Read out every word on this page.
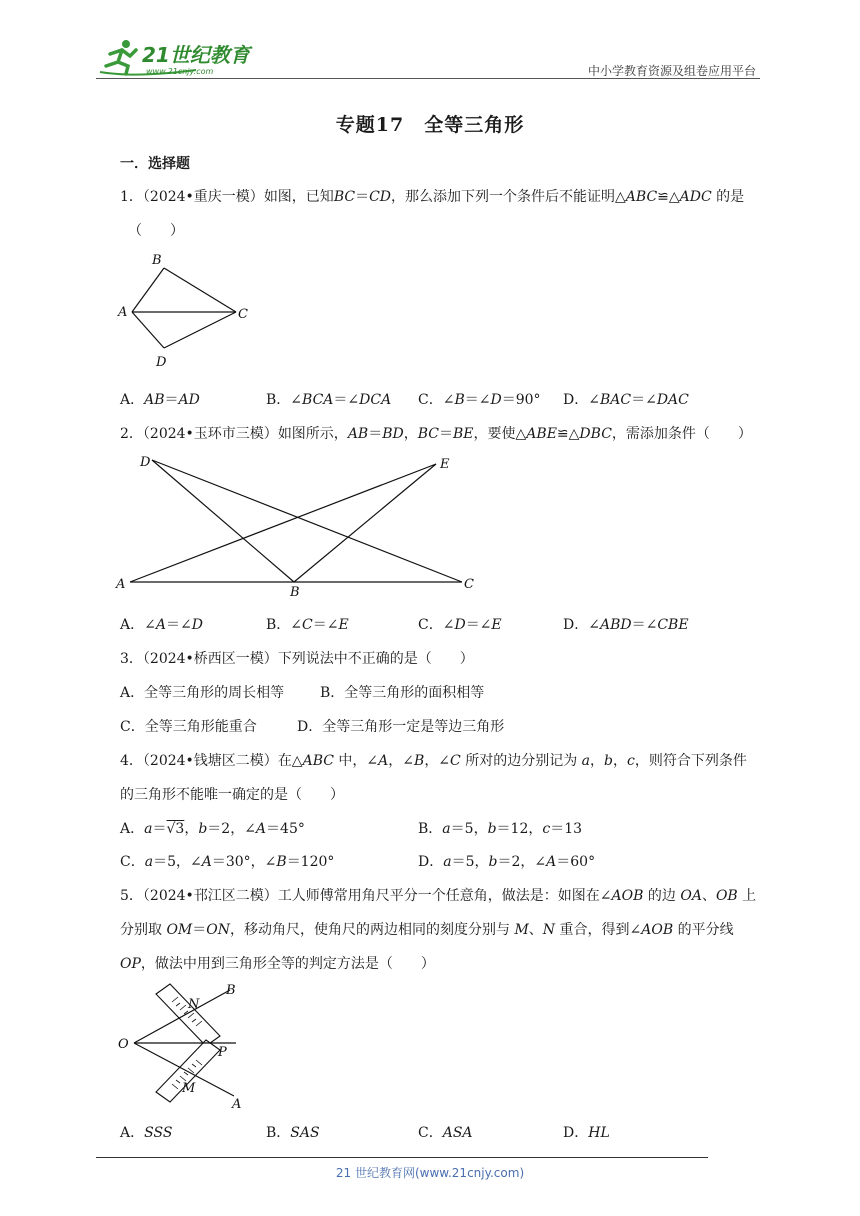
21世纪教育
www.21cnjy.com	中小学教育资源及组卷应用平台
专题17　全等三角形
一．选择题
1．（2024•重庆一模）如图，已知BC＝CD，那么添加下列一个条件后不能证明△ABC≌△ADC 的是
（　　）
B
A	C
D
A．AB＝AD	B．∠BCA＝∠DCA C．∠B＝∠D＝90° D．∠BAC＝∠DAC
2．（2024•玉环市三模）如图所示，AB＝BD，BC＝BE，要使△ABE≌△DBC，需添加条件（　　）
D	E
A
B
C
A．∠A＝∠D	B．∠C＝∠E	C．∠D＝∠E	D．∠ABD＝∠CBE
3．（2024•桥西区一模）下列说法中不正确的是（　　）
A．全等三角形的周长相等	B．全等三角形的面积相等
C．全等三角形能重合	D．全等三角形一定是等边三角形
4．（2024•钱塘区二模）在△ABC 中，∠A，∠B，∠C 所对的边分别记为 a，b，c，则符合下列条件
的三角形不能唯一确定的是（　　）
A．a＝√3，b＝2，∠A＝45°	B．a＝5，b＝12，c＝13
C．a＝5，∠A＝30°，∠B＝120°	D．a＝5，b＝2，∠A＝60°
5．（2024•邗江区二模）工人师傅常用角尺平分一个任意角，做法是：如图在∠AOB 的边 OA、OB 上
分别取 OM＝ON，移动角尺，使角尺的两边相同的刻度分别与 M、N 重合，得到∠AOB 的平分线
OP，做法中用到三角形全等的判定方法是（　　）
O
N
B
P
M
A
A．SSS	B．SAS	C．ASA	D．HL
21 世纪教育网(www.21cnjy.com)
